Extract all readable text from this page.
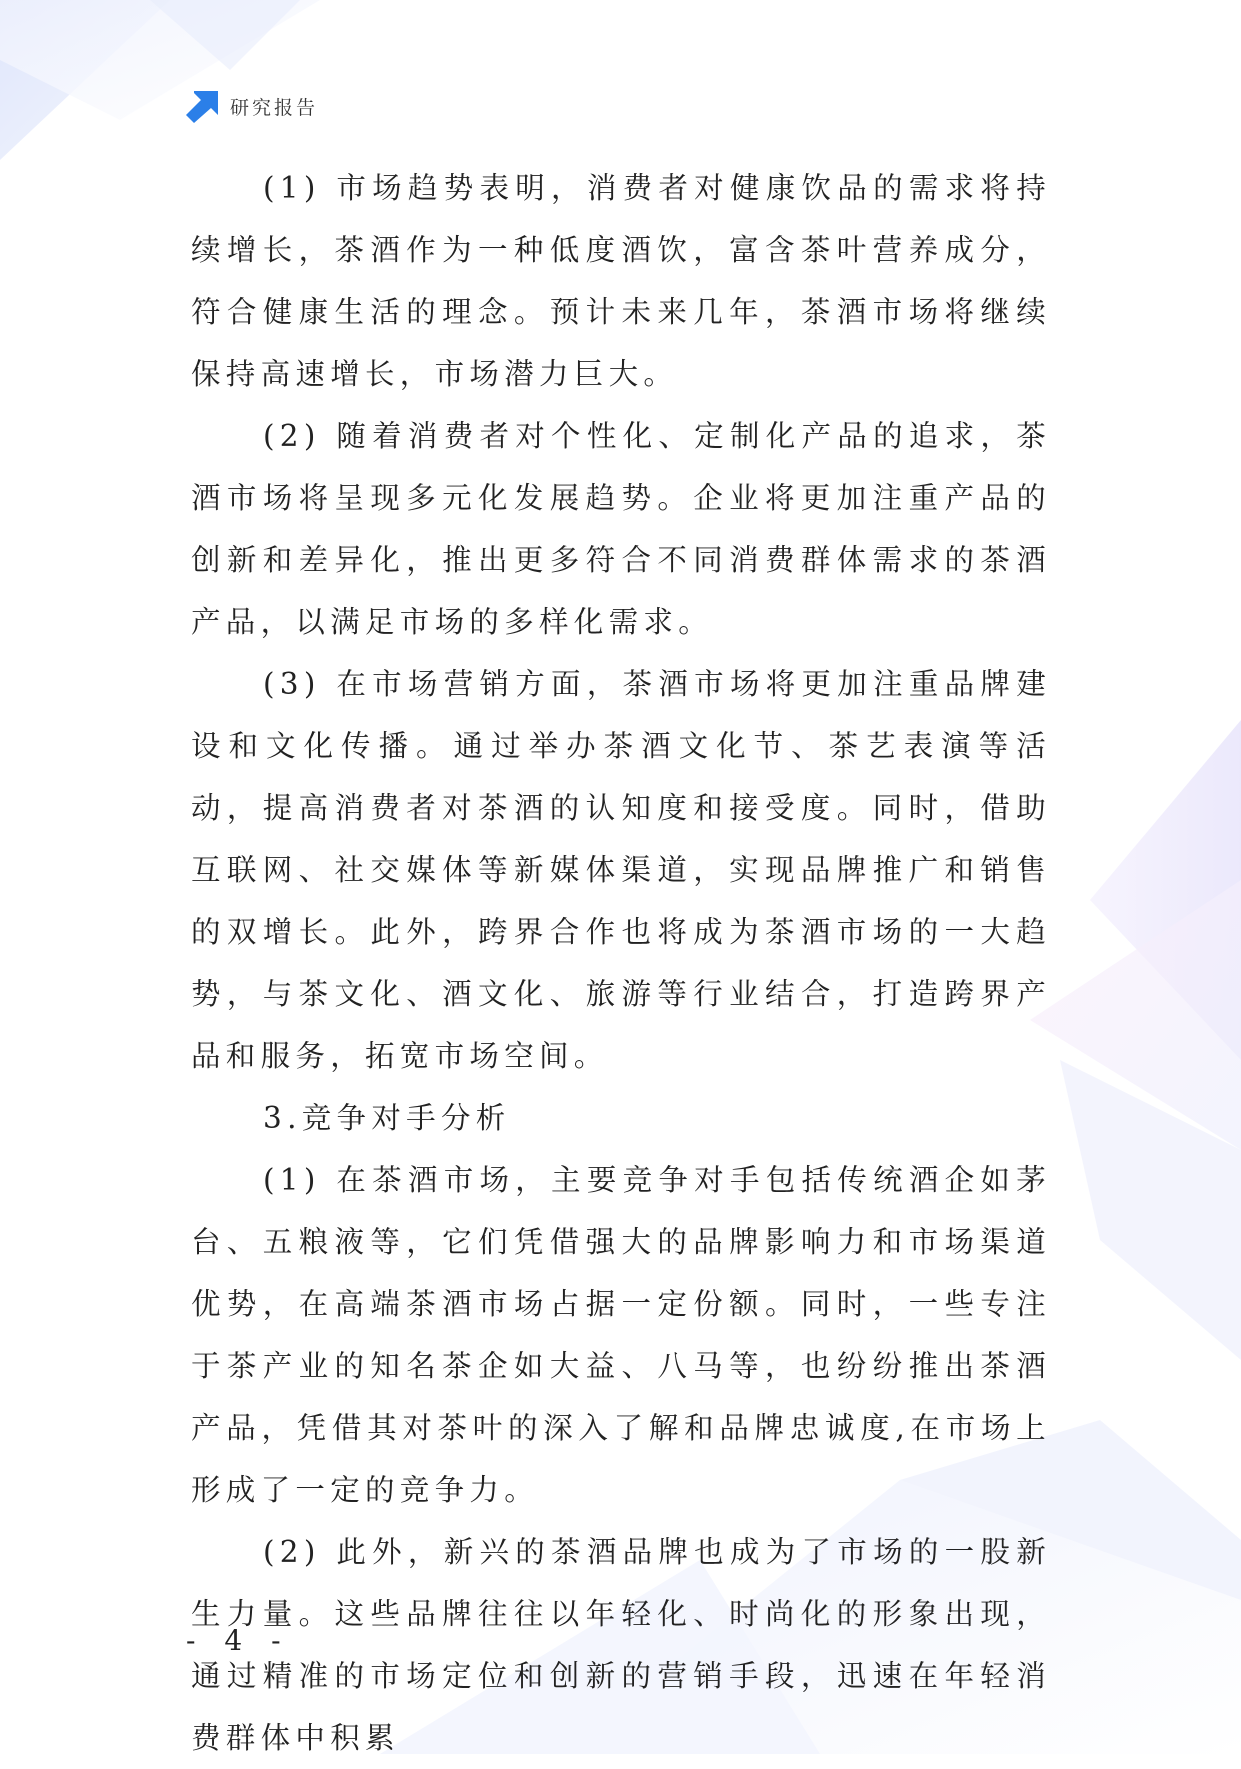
研究报告

(1) 市场趋势表明，消费者对健康饮品的需求将持续增长，茶酒作为一种低度酒饮，富含茶叶营养成分，符合健康生活的理念。预计未来几年，茶酒市场将继续保持高速增长，市场潜力巨大。

(2) 随着消费者对个性化、定制化产品的追求，茶酒市场将呈现多元化发展趋势。企业将更加注重产品的创新和差异化，推出更多符合不同消费群体需求的茶酒产品，以满足市场的多样化需求。

(3) 在市场营销方面，茶酒市场将更加注重品牌建设和文化传播。通过举办茶酒文化节、茶艺表演等活动，提高消费者对茶酒的认知度和接受度。同时，借助互联网、社交媒体等新媒体渠道，实现品牌推广和销售的双增长。此外，跨界合作也将成为茶酒市场的一大趋势，与茶文化、酒文化、旅游等行业结合，打造跨界产品和服务，拓宽市场空间。

3.竞争对手分析

(1) 在茶酒市场，主要竞争对手包括传统酒企如茅台、五粮液等，它们凭借强大的品牌影响力和市场渠道优势，在高端茶酒市场占据一定份额。同时，一些专注于茶产业的知名茶企如大益、八马等，也纷纷推出茶酒产品，凭借其对茶叶的深入了解和品牌忠诚度,在市场上形成了一定的竞争力。

(2) 此外，新兴的茶酒品牌也成为了市场的一股新生力量。这些品牌往往以年轻化、时尚化的形象出现，通过精准的市场定位和创新的营销手段，迅速在年轻消费群体中积累

- 4 -
